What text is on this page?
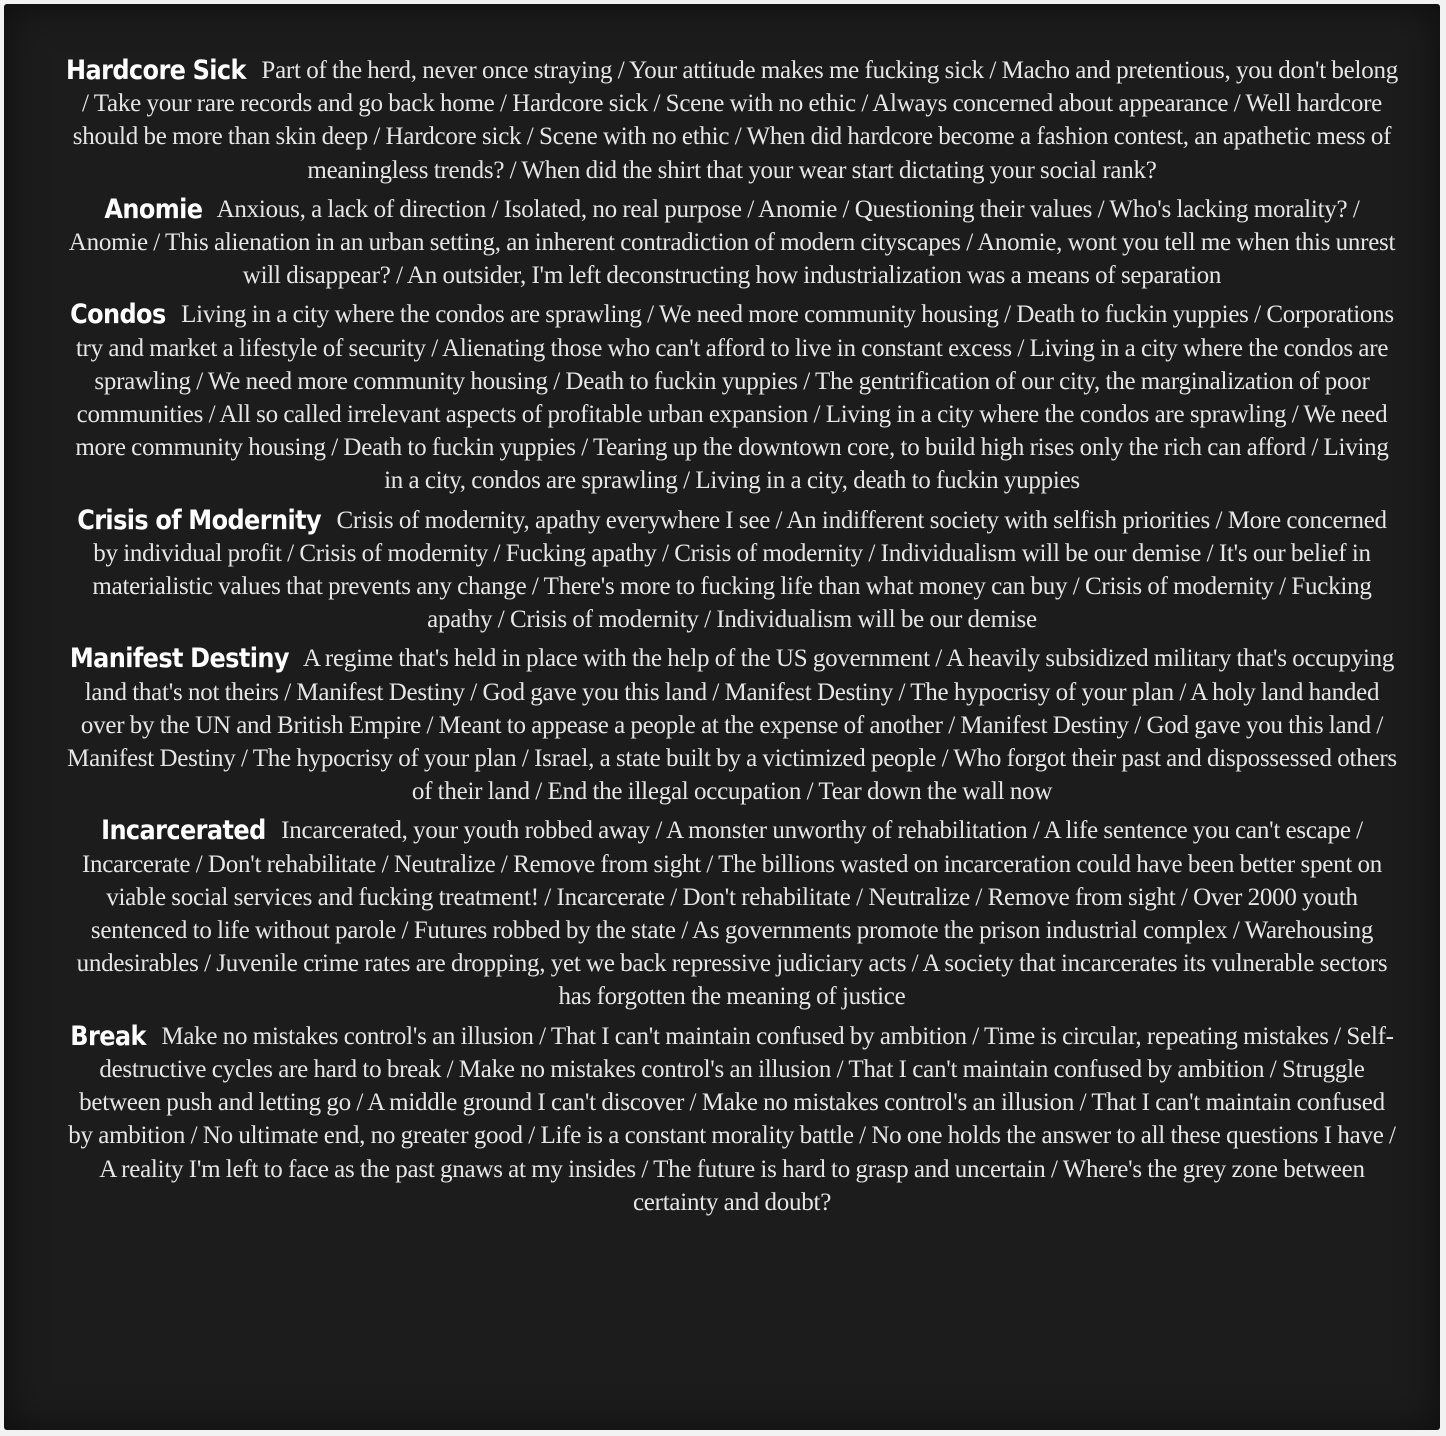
Hardcore Sick Part of the herd, never once straying / Your attitude makes me fucking sick / Macho and pretentious, you don't belong / Take your rare records and go back home / Hardcore sick / Scene with no ethic / Always concerned about appearance / Well hardcore should be more than skin deep / Hardcore sick / Scene with no ethic / When did hardcore become a fashion contest, an apathetic mess of meaningless trends? / When did the shirt that your wear start dictating your social rank?

Anomie Anxious, a lack of direction / Isolated, no real purpose / Anomie / Questioning their values / Who's lacking morality? / Anomie / This alienation in an urban setting, an inherent contradiction of modern cityscapes / Anomie, wont you tell me when this unrest will disappear? / An outsider, I'm left deconstructing how industrialization was a means of separation

Condos Living in a city where the condos are sprawling / We need more community housing / Death to fuckin yuppies / Corporations try and market a lifestyle of security / Alienating those who can't afford to live in constant excess / Living in a city where the condos are sprawling / We need more community housing / Death to fuckin yuppies / The gentrification of our city, the marginalization of poor communities / All so called irrelevant aspects of profitable urban expansion / Living in a city where the condos are sprawling / We need more community housing / Death to fuckin yuppies / Tearing up the downtown core, to build high rises only the rich can afford / Living in a city, condos are sprawling / Living in a city, death to fuckin yuppies

Crisis of Modernity Crisis of modernity, apathy everywhere I see / An indifferent society with selfish priorities / More concerned by individual profit / Crisis of modernity / Fucking apathy / Crisis of modernity / Individualism will be our demise / It's our belief in materialistic values that prevents any change / There's more to fucking life than what money can buy / Crisis of modernity / Fucking apathy / Crisis of modernity / Individualism will be our demise

Manifest Destiny A regime that's held in place with the help of the US government / A heavily subsidized military that's occupying land that's not theirs / Manifest Destiny / God gave you this land / Manifest Destiny / The hypocrisy of your plan / A holy land handed over by the UN and British Empire / Meant to appease a people at the expense of another / Manifest Destiny / God gave you this land / Manifest Destiny / The hypocrisy of your plan / Israel, a state built by a victimized people / Who forgot their past and dispossessed others of their land / End the illegal occupation / Tear down the wall now

Incarcerated Incarcerated, your youth robbed away / A monster unworthy of rehabilitation / A life sentence you can't escape / Incarcerate / Don't rehabilitate / Neutralize / Remove from sight / The billions wasted on incarceration could have been better spent on viable social services and fucking treatment! / Incarcerate / Don't rehabilitate / Neutralize / Remove from sight / Over 2000 youth sentenced to life without parole / Futures robbed by the state / As governments promote the prison industrial complex / Warehousing undesirables / Juvenile crime rates are dropping, yet we back repressive judiciary acts / A society that incarcerates its vulnerable sectors has forgotten the meaning of justice

Break Make no mistakes control's an illusion / That I can't maintain confused by ambition / Time is circular, repeating mistakes / Self-destructive cycles are hard to break / Make no mistakes control's an illusion / That I can't maintain confused by ambition / Struggle between push and letting go / A middle ground I can't discover / Make no mistakes control's an illusion / That I can't maintain confused by ambition / No ultimate end, no greater good / Life is a constant morality battle / No one holds the answer to all these questions I have / A reality I'm left to face as the past gnaws at my insides / The future is hard to grasp and uncertain / Where's the grey zone between certainty and doubt?
